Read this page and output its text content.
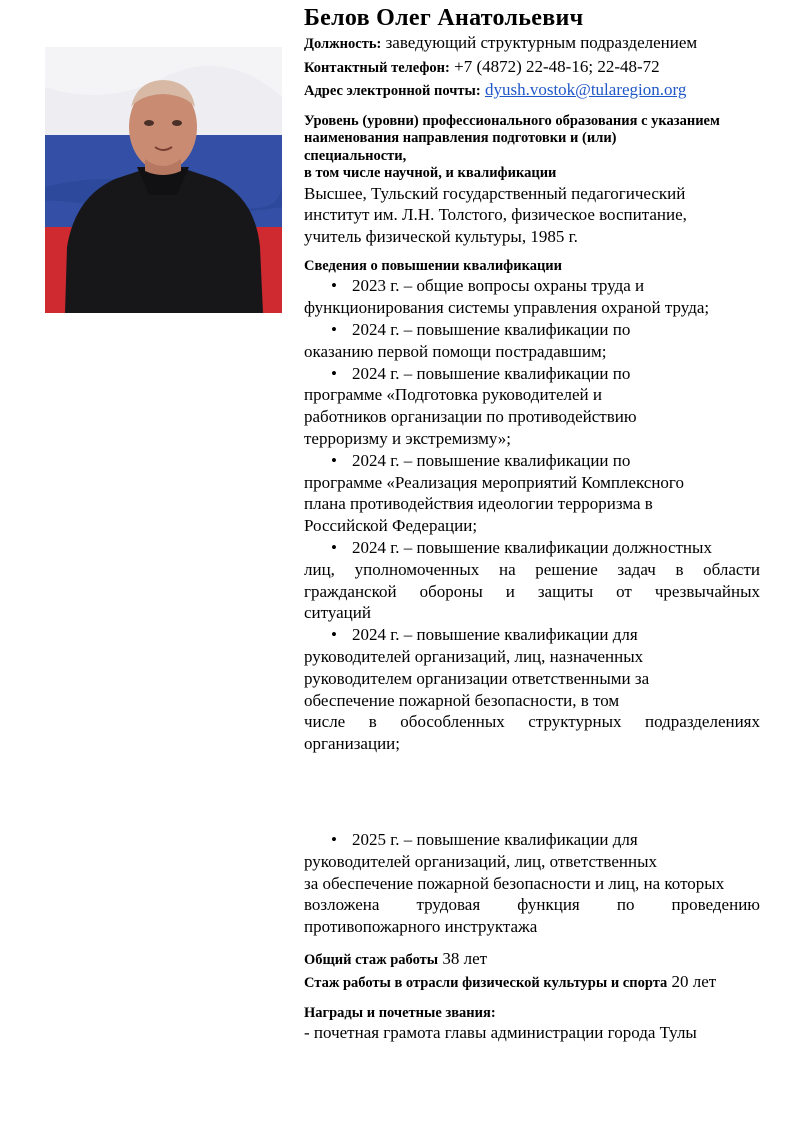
Белов Олег Анатольевич
Должность: заведующий структурным подразделением
Контактный телефон: +7 (4872) 22-48-16; 22-48-72
Адрес электронной почты: dyush.vostok@tularegion.org
Уровень (уровни) профессионального образования с указанием
наименования направления подготовки и (или)
специальности,
в том числе научной, и квалификации
Высшее, Тульский государственный педагогический
институт им. Л.Н. Толстого, физическое воспитание,
учитель физической культуры, 1985 г.
Сведения о повышении квалификации
• 2023 г. – общие вопросы охраны труда и
функционирования системы управления охраной труда;
• 2024 г. – повышение квалификации по
оказанию первой помощи пострадавшим;
• 2024 г. – повышение квалификации по
программе «Подготовка руководителей и
работников организации по противодействию
терроризму и экстремизму»;
• 2024 г. – повышение квалификации по
программе «Реализация мероприятий Комплексного
плана противодействия идеологии терроризма в
Российской Федерации;
• 2024 г. – повышение квалификации должностных
лиц, уполномоченных на решение задач в области
гражданской обороны и защиты от чрезвычайных
ситуаций
• 2024 г. – повышение квалификации для
руководителей организаций, лиц, назначенных
руководителем организации ответственными за
обеспечение пожарной безопасности, в том
числе в обособленных структурных подразделениях
организации;
• 2025 г. – повышение квалификации для
руководителей организаций, лиц, ответственных
за обеспечение пожарной безопасности и лиц, на которых
возложена трудовая функция по проведению
противопожарного инструктажа
Общий стаж работы 38 лет
Стаж работы в отрасли физической культуры и спорта 20 лет
Награды и почетные звания:
- почетная грамота главы администрации города Тулы
